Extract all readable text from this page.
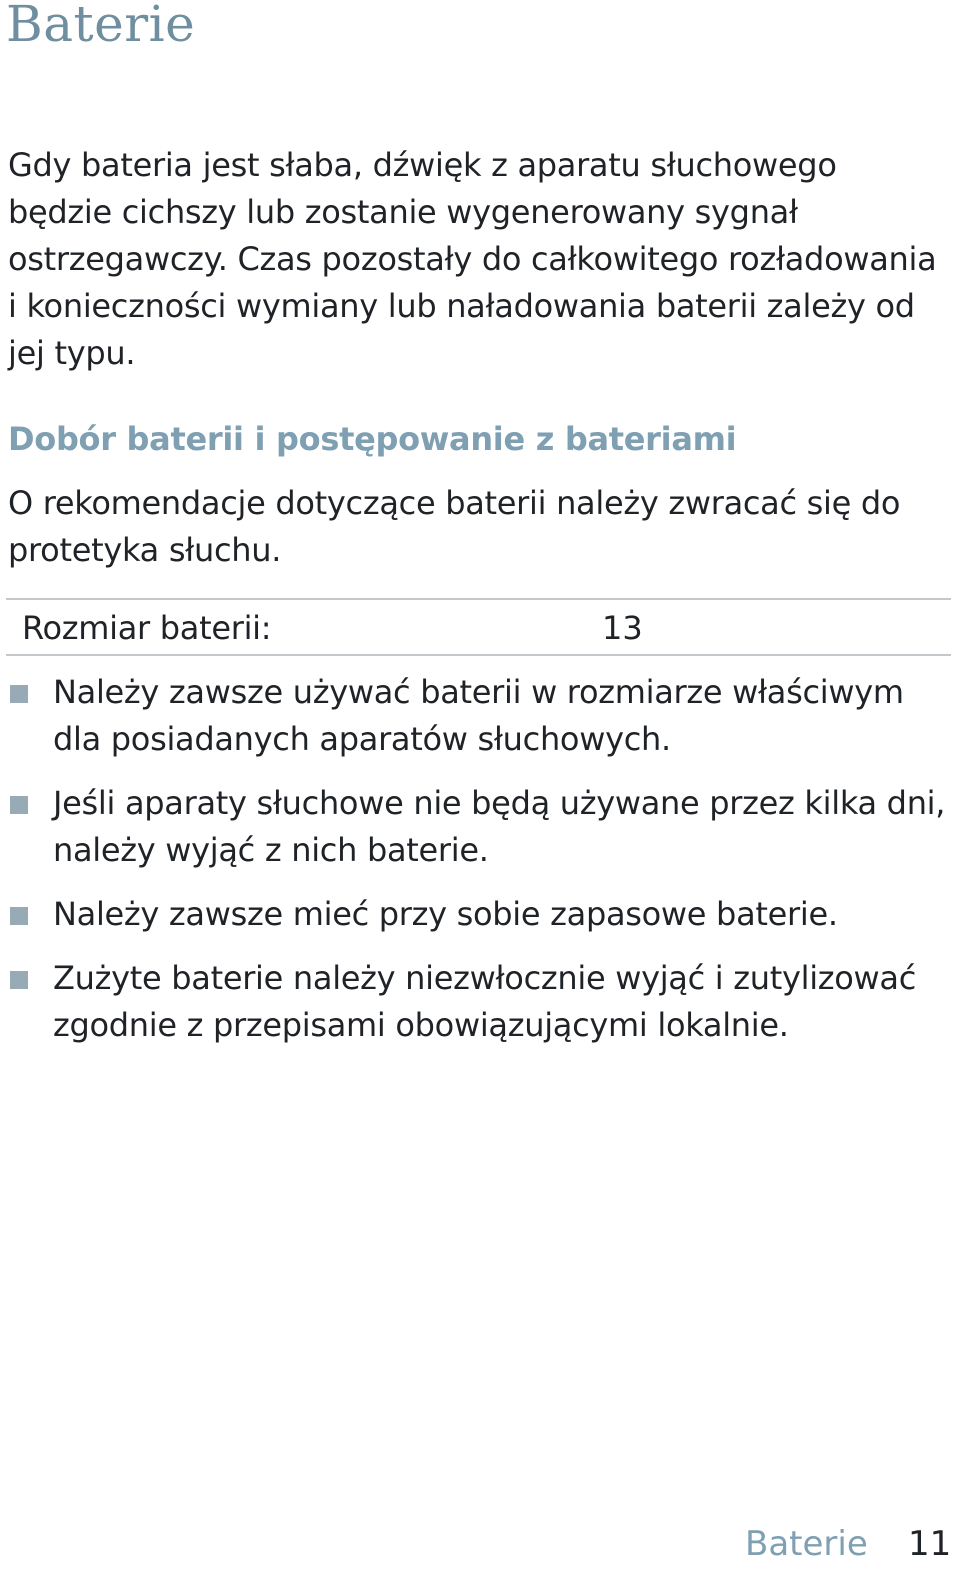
Baterie

Gdy bateria jest słaba, dźwięk z aparatu słuchowego będzie cichszy lub zostanie wygenerowany sygnał ostrzegawczy. Czas pozostały do całkowitego rozładowania i konieczności wymiany lub naładowania baterii zależy od jej typu.

Dobór baterii i postępowanie z bateriami

O rekomendacje dotyczące baterii należy zwracać się do protetyka słuchu.

Rozmiar baterii:	13
Należy zawsze używać baterii w rozmiarze właściwym dla posiadanych aparatów słuchowych.
Jeśli aparaty słuchowe nie będą używane przez kilka dni, należy wyjąć z nich baterie.
Należy zawsze mieć przy sobie zapasowe baterie.
Zużyte baterie należy niezwłocznie wyjąć i zutylizować zgodnie z przepisami obowiązującymi lokalnie.
Baterie 11
